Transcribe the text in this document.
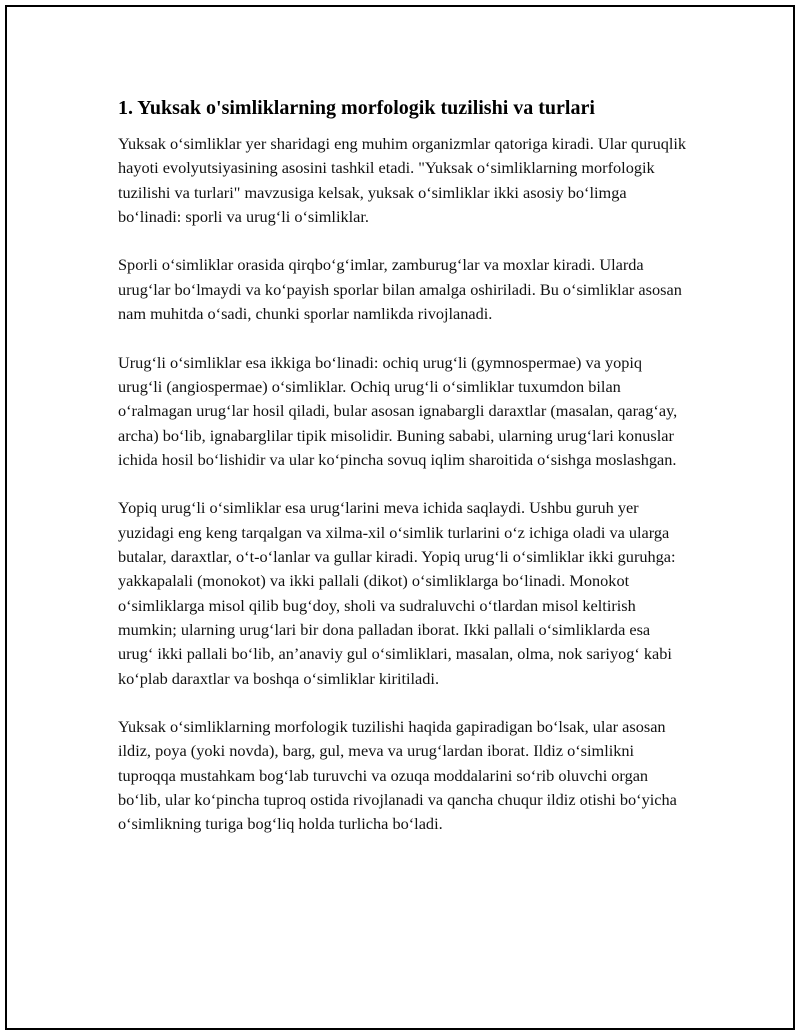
1. Yuksak o'simliklarning morfologik tuzilishi va turlari

Yuksak o‘simliklar yer sharidagi eng muhim organizmlar qatoriga kiradi. Ular quruqlik hayoti evolyutsiyasining asosini tashkil etadi. "Yuksak o‘simliklarning morfologik tuzilishi va turlari" mavzusiga kelsak, yuksak o‘simliklar ikki asosiy bo‘limga bo‘linadi: sporli va urug‘li o‘simliklar.

Sporli o‘simliklar orasida qirqbo‘g‘imlar, zamburug‘lar va moxlar kiradi. Ularda urug‘lar bo‘lmaydi va ko‘payish sporlar bilan amalga oshiriladi. Bu o‘simliklar asosan nam muhitda o‘sadi, chunki sporlar namlikda rivojlanadi.

Urug‘li o‘simliklar esa ikkiga bo‘linadi: ochiq urug‘li (gymnospermae) va yopiq urug‘li (angiospermae) o‘simliklar. Ochiq urug‘li o‘simliklar tuxumdon bilan o‘ralmagan urug‘lar hosil qiladi, bular asosan ignabargli daraxtlar (masalan, qarag‘ay, archa) bo‘lib, ignabarglilar tipik misolidir. Buning sababi, ularning urug‘lari konuslar ichida hosil bo‘lishidir va ular ko‘pincha sovuq iqlim sharoitida o‘sishga moslashgan.

Yopiq urug‘li o‘simliklar esa urug‘larini meva ichida saqlaydi. Ushbu guruh yer yuzidagi eng keng tarqalgan va xilma-xil o‘simlik turlarini o‘z ichiga oladi va ularga butalar, daraxtlar, o‘t-o‘lanlar va gullar kiradi. Yopiq urug‘li o‘simliklar ikki guruhga: yakkapalali (monokot) va ikki pallali (dikot) o‘simliklarga bo‘linadi. Monokot o‘simliklarga misol qilib bug‘doy, sholi va sudraluvchi o‘tlardan misol keltirish mumkin; ularning urug‘lari bir dona palladan iborat. Ikki pallali o‘simliklarda esa urug‘ ikki pallali bo‘lib, an’anaviy gul o‘simliklari, masalan, olma, nok sariyog‘ kabi ko‘plab daraxtlar va boshqa o‘simliklar kiritiladi.

Yuksak o‘simliklarning morfologik tuzilishi haqida gapiradigan bo‘lsak, ular asosan ildiz, poya (yoki novda), barg, gul, meva va urug‘lardan iborat. Ildiz o‘simlikni tuproqqa mustahkam bog‘lab turuvchi va ozuqa moddalarini so‘rib oluvchi organ bo‘lib, ular ko‘pincha tuproq ostida rivojlanadi va qancha chuqur ildiz otishi bo‘yicha o‘simlikning turiga bog‘liq holda turlicha bo‘ladi.
